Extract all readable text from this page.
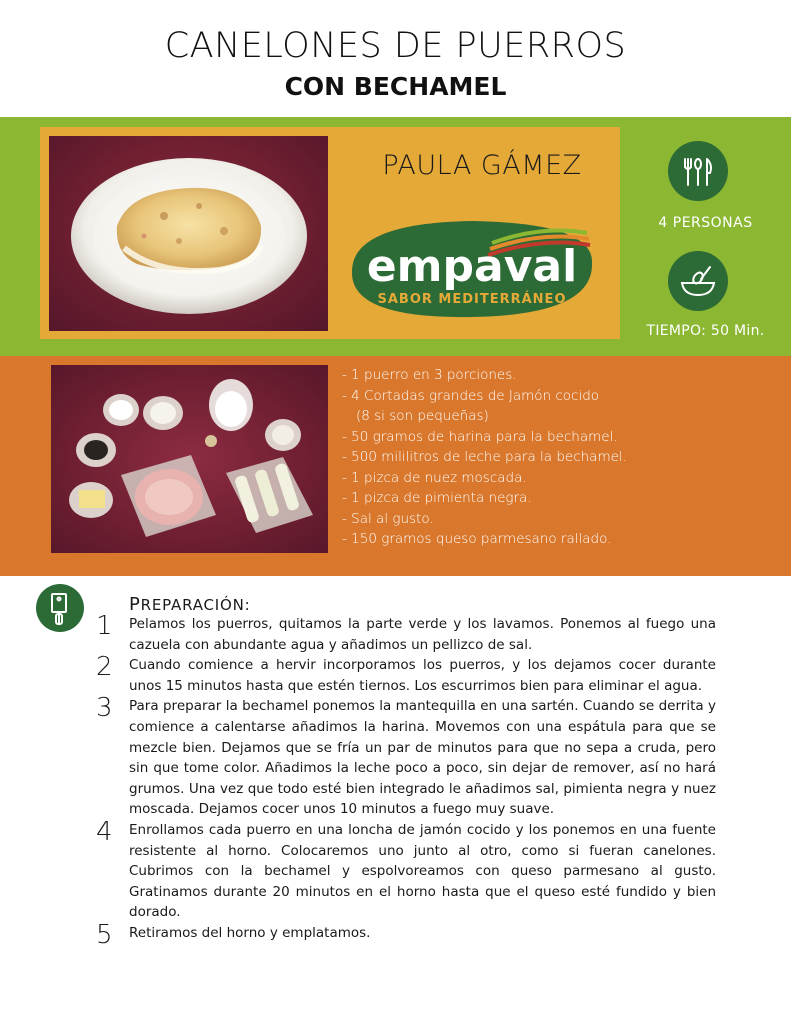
CANELONES DE PUERROS
CON BECHAMEL
PAULA GÁMEZ
empaval
SABOR MEDITERRÁNEO
4 PERSONAS
TIEMPO: 50 Min.
- 1 puerro en 3 porciones.
- 4 Cortadas grandes de Jamón cocido
(8 si son pequeñas)
- 50 gramos de harina para la bechamel.
- 500 mililitros de leche para la bechamel.
- 1 pizca de nuez moscada.
- 1 pizca de pimienta negra.
- Sal al gusto.
- 150 gramos queso parmesano rallado.
PREPARACIÓN:
1 Pelamos los puerros, quitamos la parte verde y los lavamos. Ponemos al fuego una cazuela con abundante agua y añadimos un pellizco de sal.
2 Cuando comience a hervir incorporamos los puerros, y los dejamos cocer durante unos 15 minutos hasta que estén tiernos. Los escurrimos bien para eliminar el agua.
3 Para preparar la bechamel ponemos la mantequilla en una sartén. Cuando se derrita y comience a calentarse añadimos la harina. Movemos con una espátula para que se mezcle bien. Dejamos que se fría un par de minutos para que no sepa a cruda, pero sin que tome color. Añadimos la leche poco a poco, sin dejar de remover, así no hará grumos. Una vez que todo esté bien integrado le añadimos sal, pimienta negra y nuez moscada. Dejamos cocer unos 10 minutos a fuego muy suave.
4 Enrollamos cada puerro en una loncha de jamón cocido y los ponemos en una fuente resistente al horno. Colocaremos uno junto al otro, como si fueran canelones. Cubrimos con la bechamel y espolvoreamos con queso parmesano al gusto. Gratinamos durante 20 minutos en el horno hasta que el queso esté fundido y bien dorado.
5 Retiramos del horno y emplatamos.
